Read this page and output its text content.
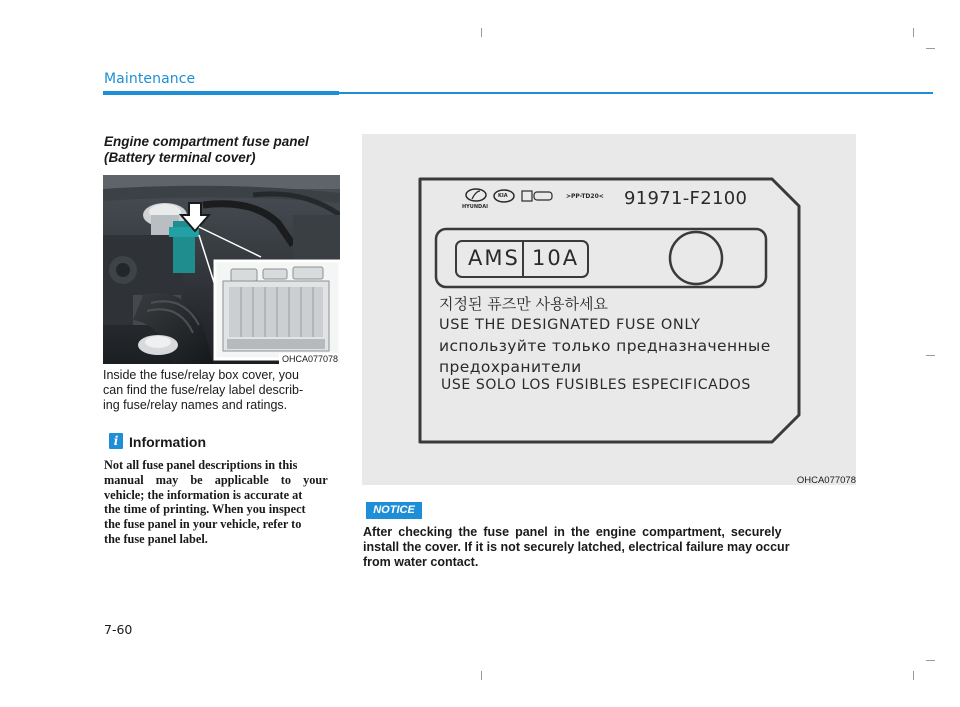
Maintenance
Engine compartment fuse panel
(Battery terminal cover)
OHCA077078
Inside the fuse/relay box cover, you
can find the fuse/relay label describ-
ing fuse/relay names and ratings.
i Information
Not all fuse panel descriptions in this
manual may be applicable to your
vehicle; the information is accurate at
the time of printing. When you inspect
the fuse panel in your vehicle, refer to
the fuse panel label.
HYUNDAI
KIA	>PP-TD20< 91971-F2100
AMS 10A
지정된 퓨즈만 사용하세요
USE THE DESIGNATED FUSE ONLY
используйте только предназначенные
предохранители
USE SOLO LOS FUSIBLES ESPECIFICADOS
OHCA077078
NOTICE
After checking the fuse panel in the engine compartment, securely
install the cover. If it is not securely latched, electrical failure may occur
from water contact.
7-60
